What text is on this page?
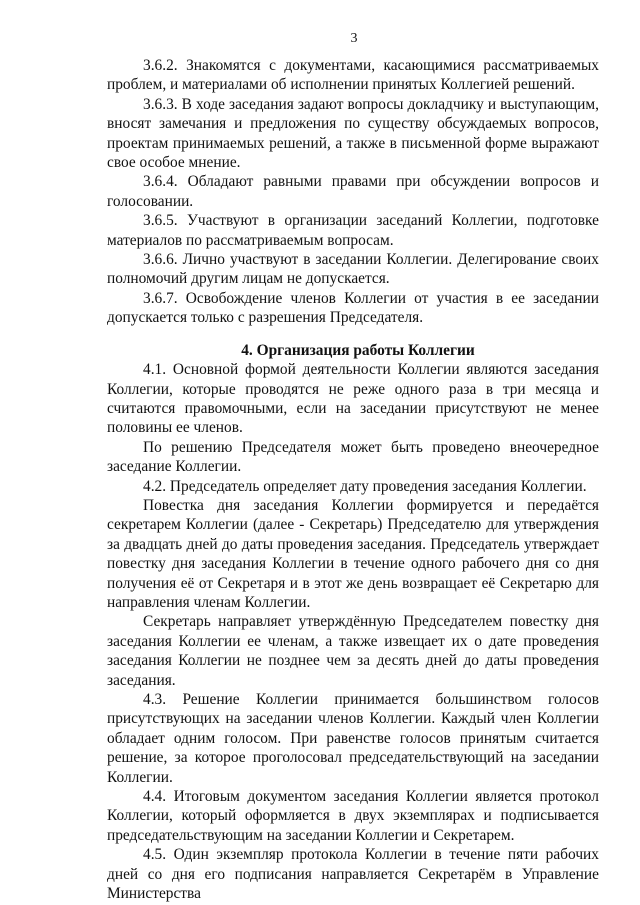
3

3.6.2. Знакомятся с документами, касающимися рассматриваемых проблем, и материалами об исполнении принятых Коллегией решений.

3.6.3. В ходе заседания задают вопросы докладчику и выступающим, вносят замечания и предложения по существу обсуждаемых вопросов, проектам принимаемых решений, а также в письменной форме выражают свое особое мнение.

3.6.4. Обладают равными правами при обсуждении вопросов и голосовании.

3.6.5. Участвуют в организации заседаний Коллегии, подготовке материалов по рассматриваемым вопросам.

3.6.6. Лично участвуют в заседании Коллегии. Делегирование своих полномочий другим лицам не допускается.

3.6.7. Освобождение членов Коллегии от участия в ее заседании допускается только с разрешения Председателя.

4. Организация работы Коллегии

4.1. Основной формой деятельности Коллегии являются заседания Коллегии, которые проводятся не реже одного раза в три месяца и считаются правомочными, если на заседании присутствуют не менее половины ее членов.

По решению Председателя может быть проведено внеочередное заседание Коллегии.

4.2. Председатель определяет дату проведения заседания Коллегии.

Повестка дня заседания Коллегии формируется и передаётся секретарем Коллегии (далее - Секретарь) Председателю для утверждения за двадцать дней до даты проведения заседания. Председатель утверждает повестку дня заседания Коллегии в течение одного рабочего дня со дня получения её от Секретаря и в этот же день возвращает её Секретарю для направления членам Коллегии.

Секретарь направляет утверждённую Председателем повестку дня заседания Коллегии ее членам, а также извещает их о дате проведения заседания Коллегии не позднее чем за десять дней до даты проведения заседания.

4.3. Решение Коллегии принимается большинством голосов присутствующих на заседании членов Коллегии. Каждый член Коллегии обладает одним голосом. При равенстве голосов принятым считается решение, за которое проголосовал председательствующий на заседании Коллегии.

4.4. Итоговым документом заседания Коллегии является протокол Коллегии, который оформляется в двух экземплярах и подписывается председательствующим на заседании Коллегии и Секретарем.

4.5. Один экземпляр протокола Коллегии в течение пяти рабочих дней со дня его подписания направляется Секретарём в Управление Министерства
